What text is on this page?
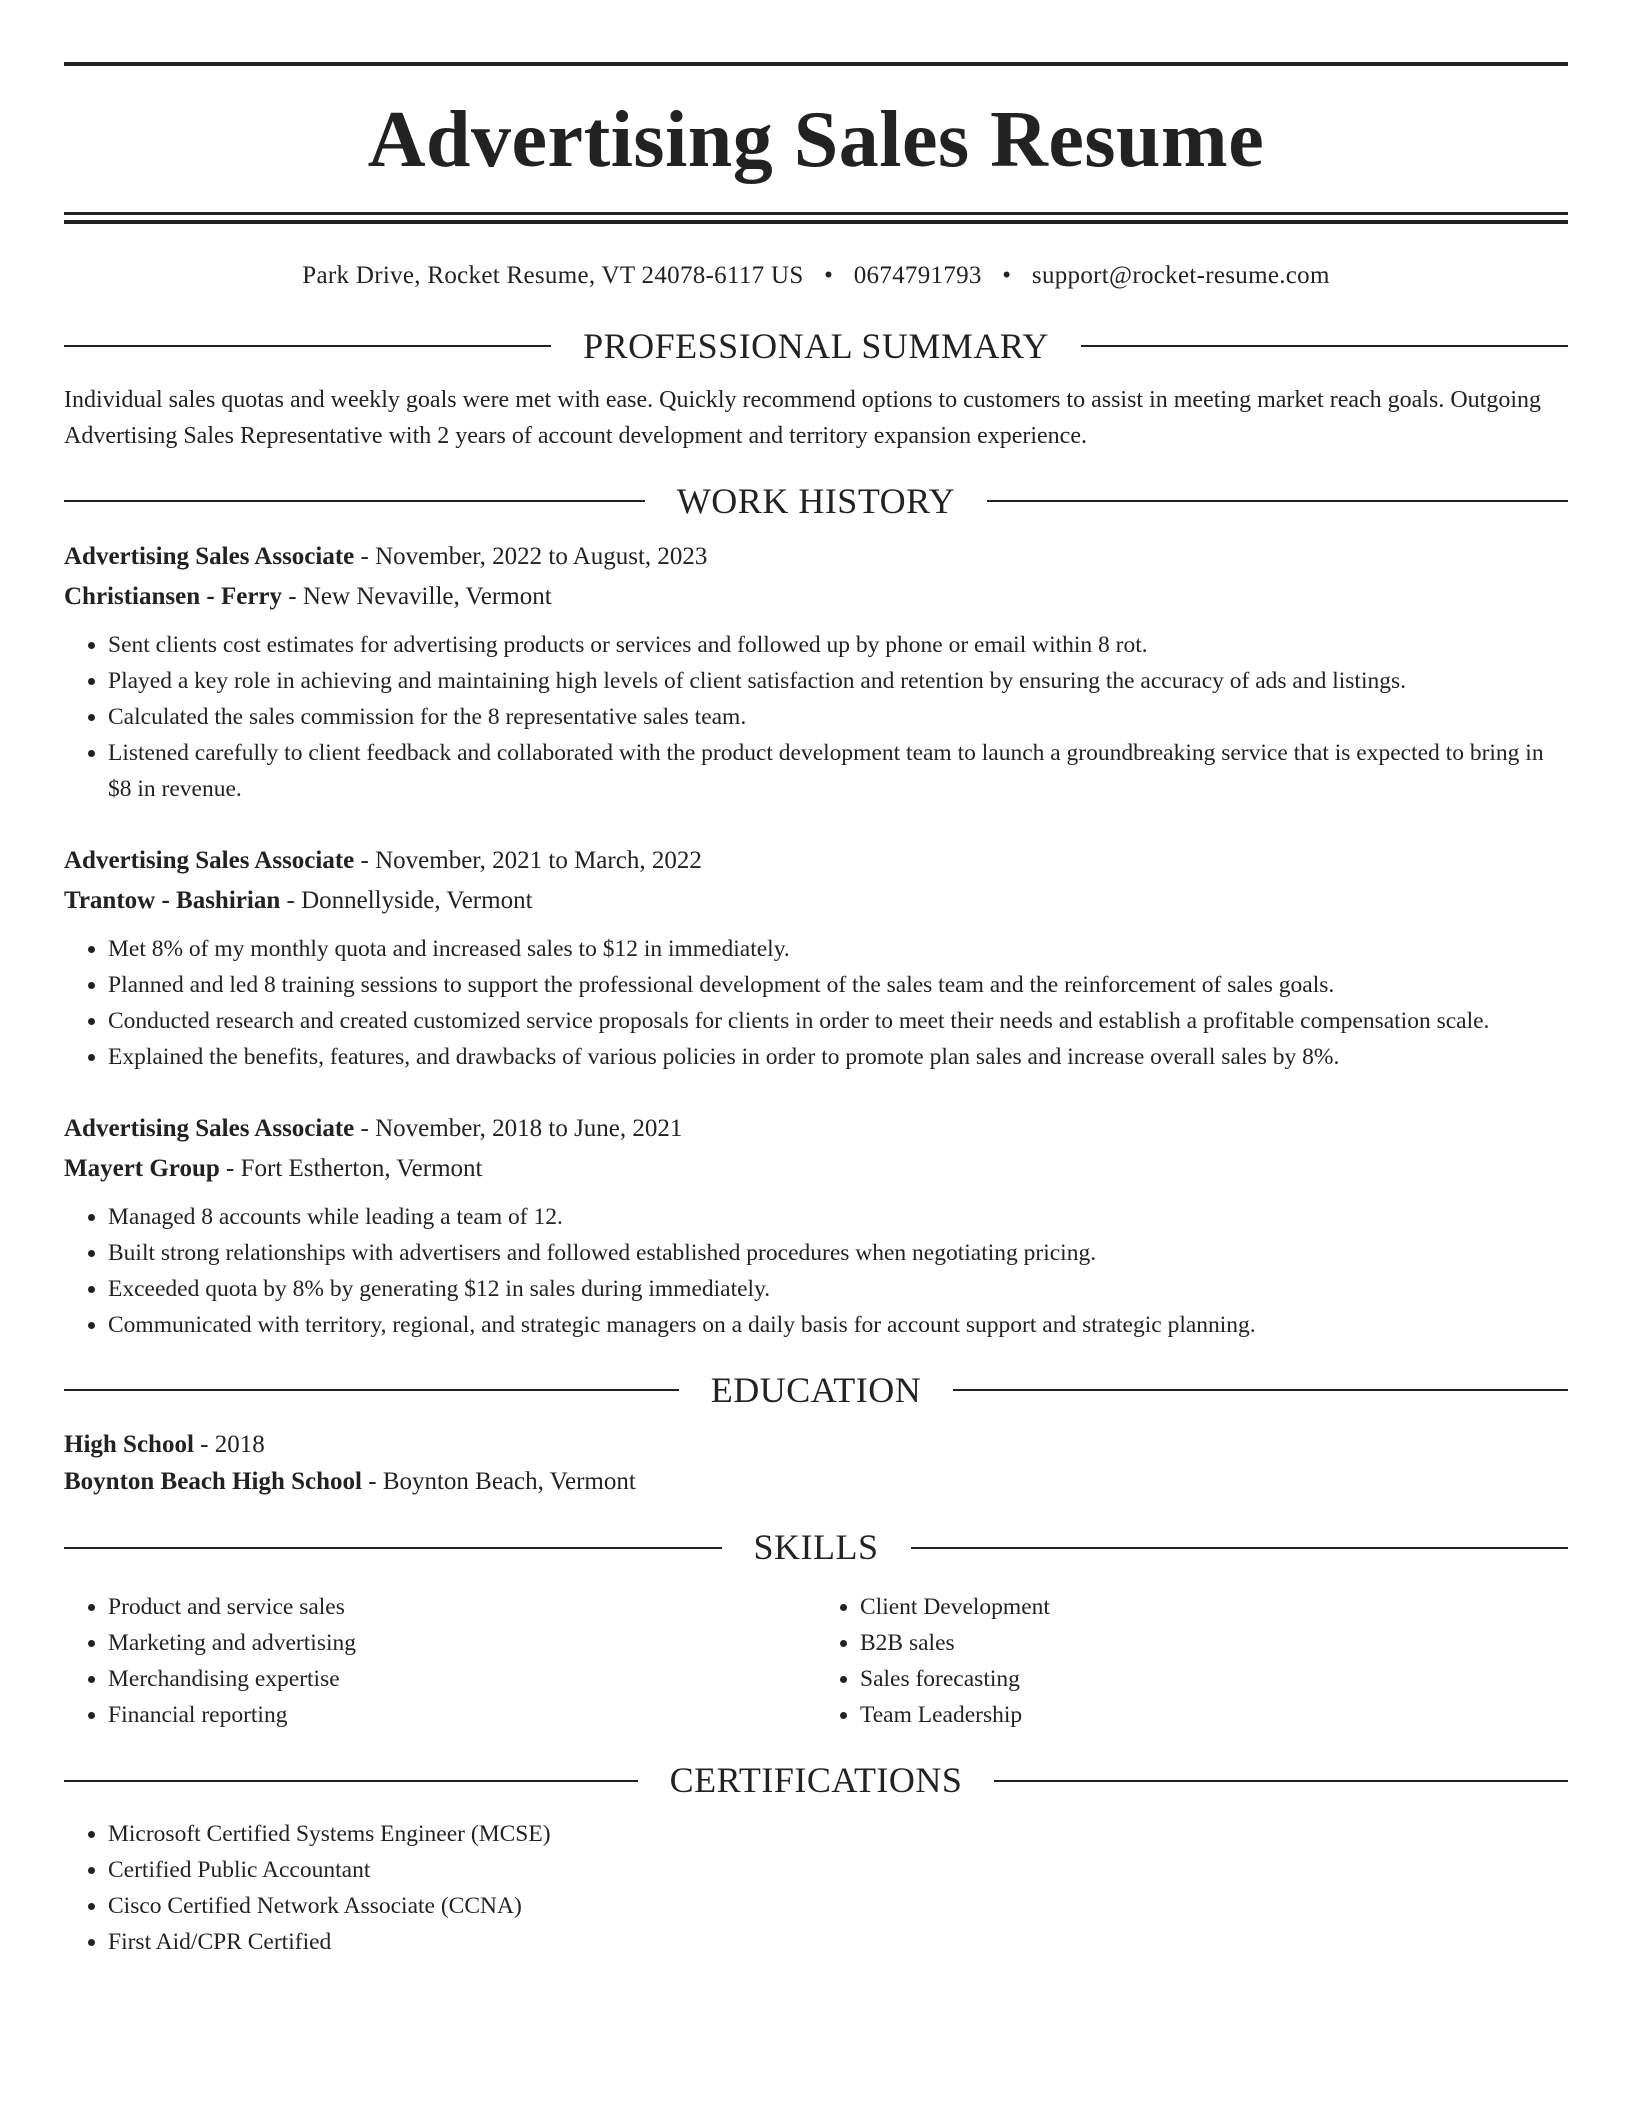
Advertising Sales Resume
Park Drive, Rocket Resume, VT 24078-6117 US • 0674791793 • support@rocket-resume.com
PROFESSIONAL SUMMARY

Individual sales quotas and weekly goals were met with ease. Quickly recommend options to customers to assist in meeting market reach goals. Outgoing Advertising Sales Representative with 2 years of account development and territory expansion experience.

WORK HISTORY
Advertising Sales Associate - November, 2022 to August, 2023
Christiansen - Ferry - New Nevaville, Vermont
• Sent clients cost estimates for advertising products or services and followed up by phone or email within 8 rot.
• Played a key role in achieving and maintaining high levels of client satisfaction and retention by ensuring the accuracy of ads and listings.
• Calculated the sales commission for the 8 representative sales team.
• Listened carefully to client feedback and collaborated with the product development team to launch a groundbreaking service that is expected to bring in $8 in revenue.
Advertising Sales Associate - November, 2021 to March, 2022
Trantow - Bashirian - Donnellyside, Vermont
• Met 8% of my monthly quota and increased sales to $12 in immediately.
• Planned and led 8 training sessions to support the professional development of the sales team and the reinforcement of sales goals.
• Conducted research and created customized service proposals for clients in order to meet their needs and establish a profitable compensation scale.
• Explained the benefits, features, and drawbacks of various policies in order to promote plan sales and increase overall sales by 8%.
Advertising Sales Associate - November, 2018 to June, 2021
Mayert Group - Fort Estherton, Vermont
• Managed 8 accounts while leading a team of 12.
• Built strong relationships with advertisers and followed established procedures when negotiating pricing.
• Exceeded quota by 8% by generating $12 in sales during immediately.
• Communicated with territory, regional, and strategic managers on a daily basis for account support and strategic planning.
EDUCATION
High School - 2018
Boynton Beach High School - Boynton Beach, Vermont
SKILLS
• Product and service sales
• Marketing and advertising
• Merchandising expertise
• Financial reporting
• Client Development
• B2B sales
• Sales forecasting
• Team Leadership
CERTIFICATIONS
• Microsoft Certified Systems Engineer (MCSE)
• Certified Public Accountant
• Cisco Certified Network Associate (CCNA)
• First Aid/CPR Certified
